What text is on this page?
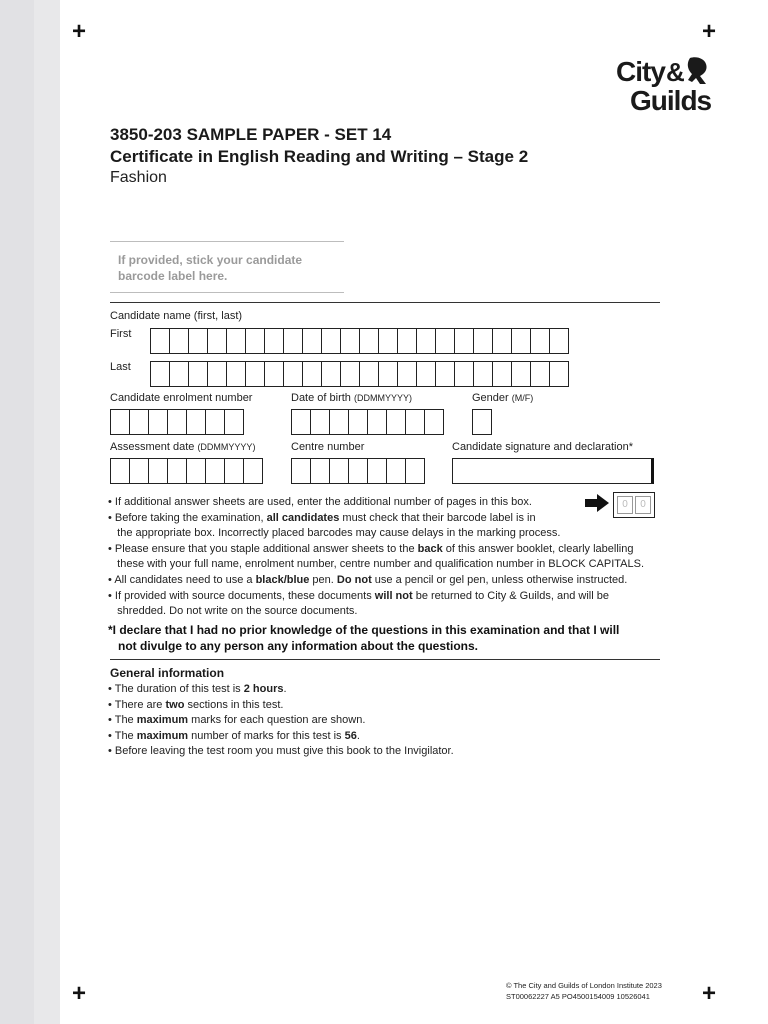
+	+
+	+
City &
Guilds
3850-203 SAMPLE PAPER - SET 14
Certificate in English Reading and Writing – Stage 2
Fashion
If provided, stick your candidate barcode label here.
Candidate name (first, last)
First
Last
Candidate enrolment number	Date of birth (DDMMYYYY)	Gender (M/F)
Assessment date (DDMMYYYY)	Centre number	Candidate signature and declaration*

• If additional answer sheets are used, enter the additional number of pages in this box.

• Before taking the examination, all candidates must check that their barcode label is in

the appropriate box. Incorrectly placed barcodes may cause delays in the marking process.

• Please ensure that you staple additional answer sheets to the back of this answer booklet, clearly labelling

these with your full name, enrolment number, centre number and qualification number in BLOCK CAPITALS.

• All candidates need to use a black/blue pen. Do not use a pencil or gel pen, unless otherwise instructed.

• If provided with source documents, these documents will not be returned to City & Guilds, and will be

shredded. Do not write on the source documents.

0	0

*I declare that I had no prior knowledge of the questions in this examination and that I will

not divulge to any person any information about the questions.

General information

• The duration of this test is 2 hours.

• There are two sections in this test.

• The maximum marks for each question are shown.

• The maximum number of marks for this test is 56.

• Before leaving the test room you must give this book to the Invigilator.

© The City and Guilds of London Institute 2023

ST00062227 A5 PO4500154009 10526041
